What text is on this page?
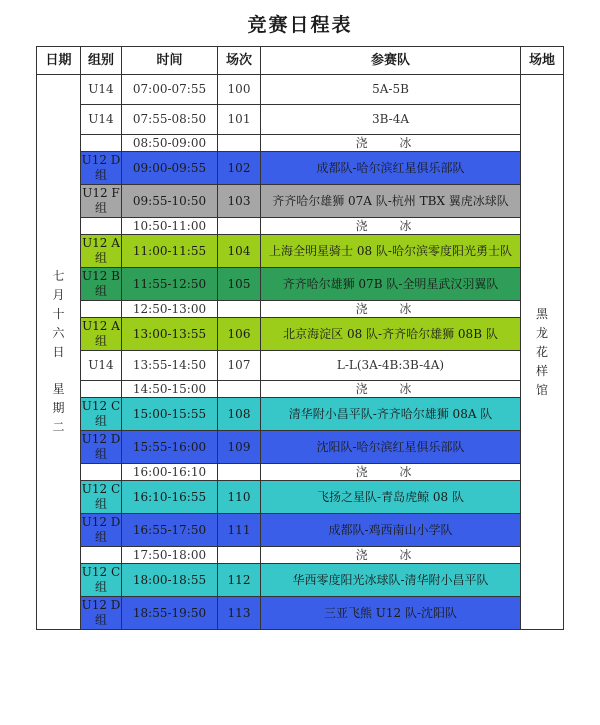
竞赛日程表
日期	组别	时间	场次	参赛队	场地
七月十六日
星期二	U14	07:00-07:55	100	5A-5B	黑龙花样馆
	U14	07:55-08:50	101	3B-4A	
		08:50-09:00		浇 冰	
	U12 D组	09:00-09:55	102	成都队-哈尔滨红星俱乐部队	
	U12 F组	09:55-10:50	103	齐齐哈尔雄狮 07A 队-杭州 TBX 翼虎冰球队	
		10:50-11:00		浇 冰	
	U12 A组	11:00-11:55	104	上海全明星骑士 08 队-哈尔滨零度阳光勇士队	
	U12 B组	11:55-12:50	105	齐齐哈尔雄狮 07B 队-全明星武汉羽翼队	
		12:50-13:00		浇 冰	
	U12 A组	13:00-13:55	106	北京海淀区 08 队-齐齐哈尔雄狮 08B 队	
	U14	13:55-14:50	107	L-L(3A-4B:3B-4A)	
		14:50-15:00		浇 冰	
	U12 C组	15:00-15:55	108	清华附小昌平队-齐齐哈尔雄狮 08A 队	
	U12 D组	15:55-16:00	109	沈阳队-哈尔滨红星俱乐部队	
		16:00-16:10		浇 冰	
	U12 C组	16:10-16:55	110	飞扬之星队-青岛虎鲸 08 队	
	U12 D组	16:55-17:50	111	成都队-鸡西南山小学队	
		17:50-18:00		浇 冰	
	U12 C组	18:00-18:55	112	华西零度阳光冰球队-清华附小昌平队	
	U12 D组	18:55-19:50	113	三亚飞熊 U12 队-沈阳队	
